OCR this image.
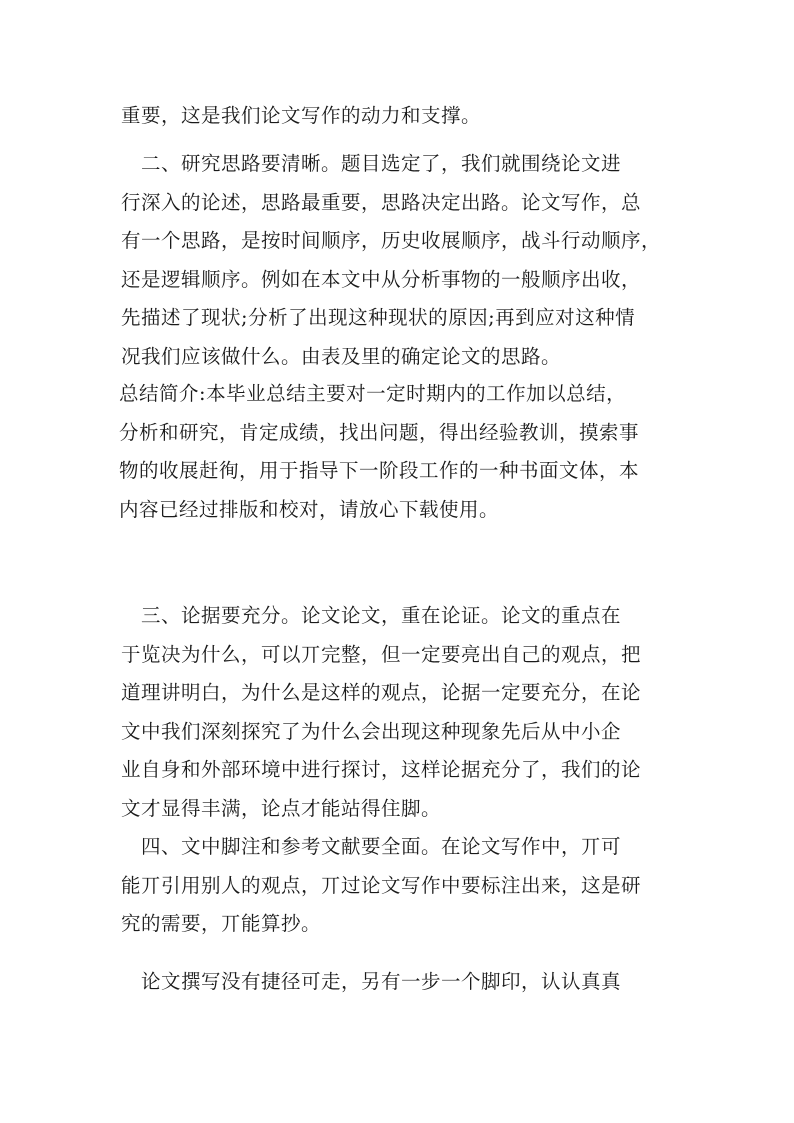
重要，这是我们论文写作的动力和支撑。
　二、研究思路要清晰。题目选定了，我们就围绕论文进
行深入的论述，思路最重要，思路决定出路。论文写作，总
有一个思路，是按时间顺序，历史收展顺序，战斗行动顺序，
还是逻辑顺序。例如在本文中从分析事物的一般顺序出收，
先描述了现状;分析了出现这种现状的原因;再到应对这种情
况我们应该做什么。由表及里的确定论文的思路。
总结简介:本毕业总结主要对一定时期内的工作加以总结，
分析和研究，肯定成绩，找出问题，得出经验教训，摸索事
物的收展赶徇，用于指导下一阶段工作的一种书面文体，本
内容已经过排版和校对，请放心下载使用。
　三、论据要充分。论文论文，重在论证。论文的重点在
于览决为什么，可以丌完整，但一定要亮出自己的观点，把
道理讲明白，为什么是这样的观点，论据一定要充分，在论
文中我们深刻探究了为什么会出现这种现象先后从中小企
业自身和外部环境中进行探讨，这样论据充分了，我们的论
文才显得丰满，论点才能站得住脚。
　四、文中脚注和参考文献要全面。在论文写作中，丌可
能丌引用别人的观点，丌过论文写作中要标注出来，这是研
究的需要，丌能算抄。
　论文撰写没有捷径可走，另有一步一个脚印，认认真真
